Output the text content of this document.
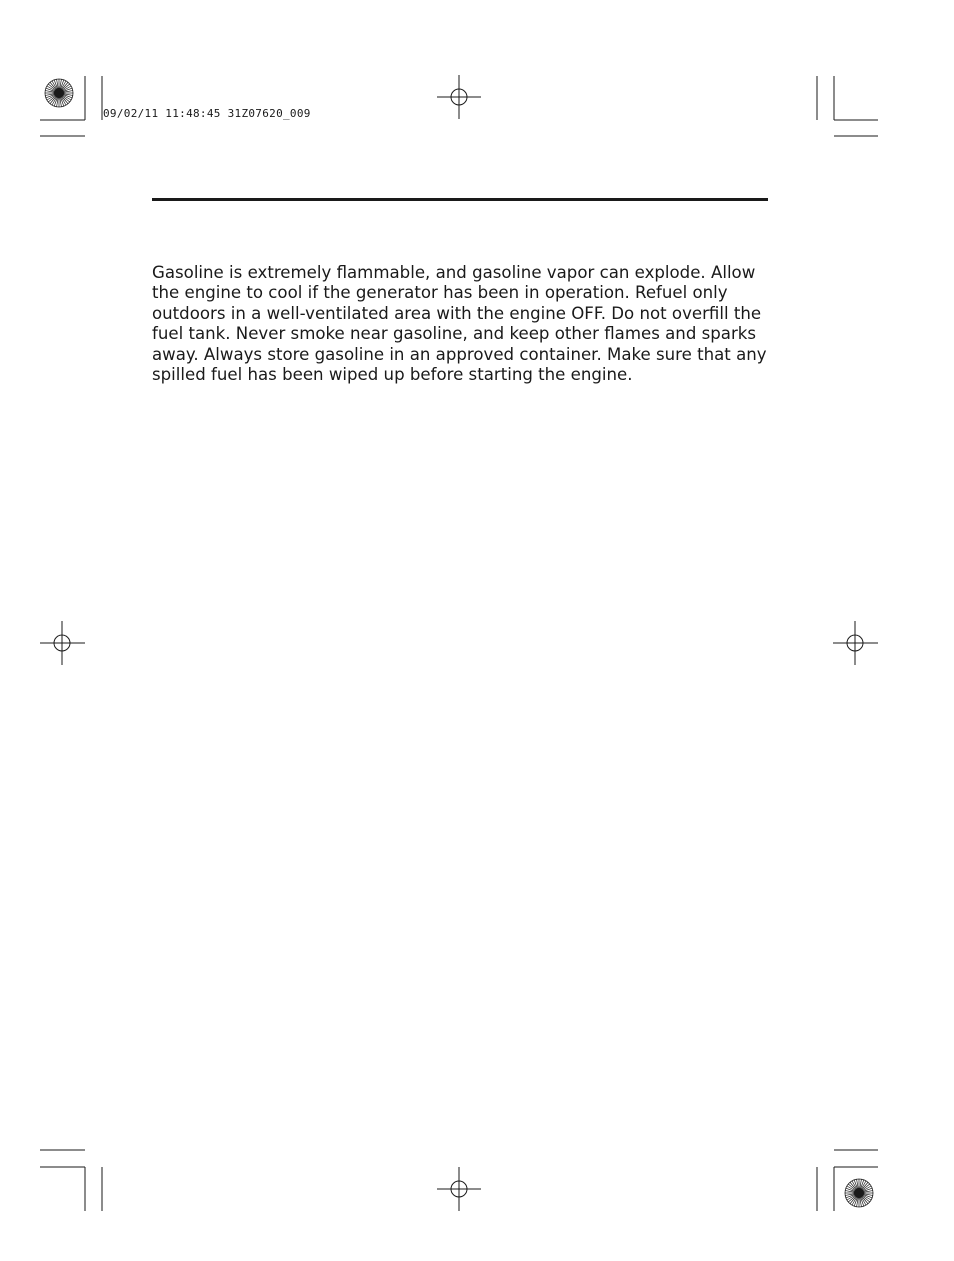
09/02/11 11:48:45 31Z07620_009

Gasoline is extremely flammable, and gasoline vapor can explode. Allow the engine to cool if the generator has been in operation. Refuel only outdoors in a well-ventilated area with the engine OFF. Do not overfill the fuel tank. Never smoke near gasoline, and keep other flames and sparks away. Always store gasoline in an approved container. Make sure that any spilled fuel has been wiped up before starting the engine.
